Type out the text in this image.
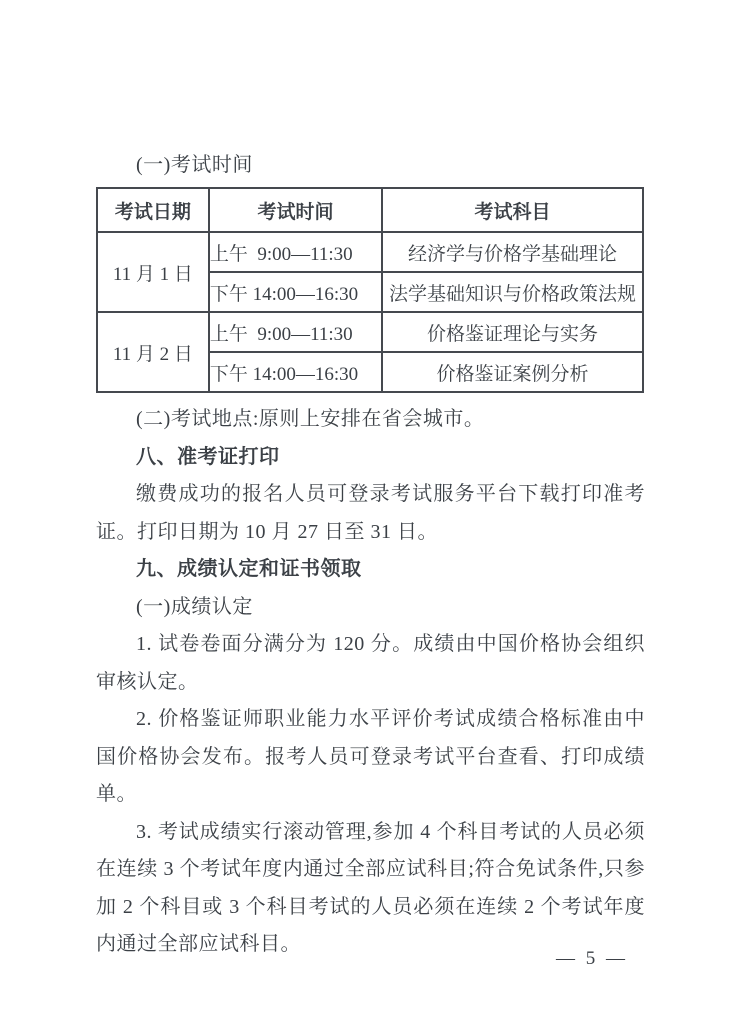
(一)考试时间

考试日期	考试时间	考试科目
11 月 1 日	上午  9:00—11:30	经济学与价格学基础理论
	下午 14:00—16:30	法学基础知识与价格政策法规
11 月 2 日	上午  9:00—11:30	价格鉴证理论与实务
	下午 14:00—16:30	价格鉴证案例分析

(二)考试地点:原则上安排在省会城市。

八、准考证打印

缴费成功的报名人员可登录考试服务平台下载打印准考证。打印日期为 10 月 27 日至 31 日。

九、成绩认定和证书领取

(一)成绩认定

1. 试卷卷面分满分为 120 分。成绩由中国价格协会组织审核认定。

2. 价格鉴证师职业能力水平评价考试成绩合格标准由中国价格协会发布。报考人员可登录考试平台查看、打印成绩单。

3. 考试成绩实行滚动管理,参加 4 个科目考试的人员必须在连续 3 个考试年度内通过全部应试科目;符合免试条件,只参加 2 个科目或 3 个科目考试的人员必须在连续 2 个考试年度内通过全部应试科目。

— 5 —
